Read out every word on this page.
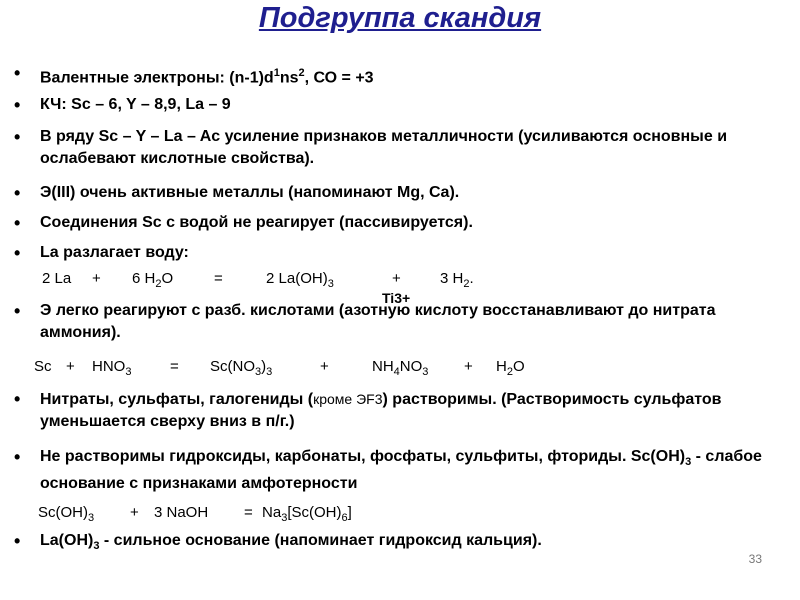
Подгруппа скандия
• Валентные электроны: $(n-1)d^1ns^2$, СО = +3
• КЧ: Sc – 6, Y – 8,9, La – 9
• В ряду Sc – Y – La – Ac усиление признаков металличности (усиливаются основные и ослабевают кислотные свойства).
• Э(III) очень активные металлы (напоминают Mg, Ca).
• Соединения Sc с водой не реагирует (пассивируется).
• La разлагает воду:
2 La + 6 $H_2O$	=	2 $La(OH)_3$	+	3 $H_2$.
Ti3+
• Э легко реагируют с разб. кислотами (азотную кислоту восстанавливают до нитрата аммония).
$Sc + HNO_3$	= $Sc(NO_3)_3$	+	$NH_4NO_3 + H_2O$
• Нитраты, сульфаты, галогениды (кроме ЭF3) растворимы. (Растворимость сульфатов уменьшается сверху вниз в п/г.)
• Не растворимы гидроксиды, карбонаты, фосфаты, сульфиты, фториды. $Sc(OH)_3$ - слабое основание с признаками амфотерности
$Sc(OH)_3 + 3$ NaOH = $Na_3[Sc(OH)_6]$
• $La(OH)_3$ - сильное основание (напоминает гидроксид кальция).
33
